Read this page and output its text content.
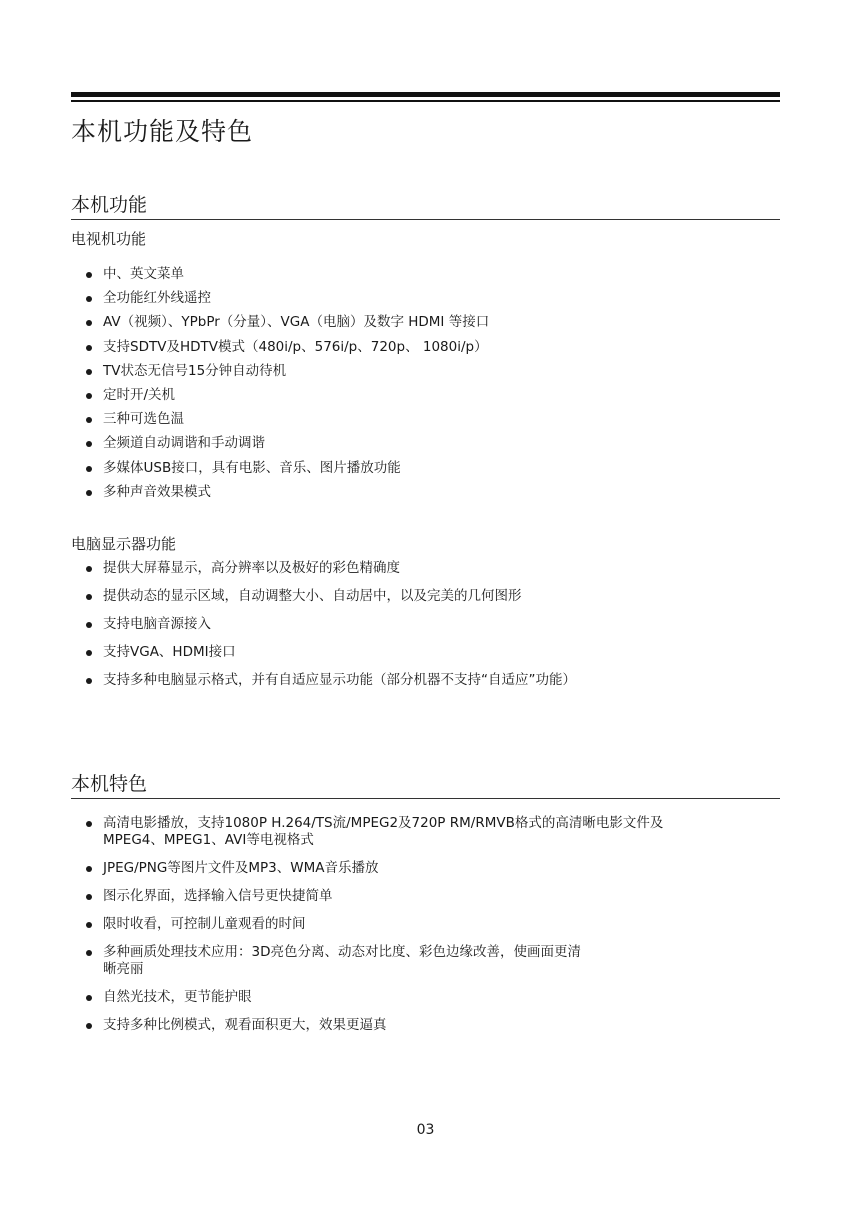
本机功能及特色
本机功能
电视机功能
中、英文菜单
全功能红外线遥控
AV（视频）、YPbPr（分量）、VGA（电脑）及数字 HDMI 等接口
支持SDTV及HDTV模式（480i/p、576i/p、720p、 1080i/p）
TV状态无信号15分钟自动待机
定时开/关机
三种可选色温
全频道自动调谐和手动调谐
多媒体USB接口，具有电影、音乐、图片播放功能
多种声音效果模式
电脑显示器功能
提供大屏幕显示，高分辨率以及极好的彩色精确度
提供动态的显示区域，自动调整大小、自动居中，以及完美的几何图形
支持电脑音源接入
支持VGA、HDMI接口
支持多种电脑显示格式，并有自适应显示功能（部分机器不支持“自适应”功能）
本机特色
高清电影播放，支持1080P H.264/TS流/MPEG2及720P RM/RMVB格式的高清晰电影文件及
MPEG4、MPEG1、AVI等电视格式
JPEG/PNG等图片文件及MP3、WMA音乐播放
图示化界面，选择输入信号更快捷简单
限时收看，可控制儿童观看的时间
多种画质处理技术应用：3D亮色分离、动态对比度、彩色边缘改善，使画面更清
晰亮丽
自然光技术，更节能护眼
支持多种比例模式，观看面积更大，效果更逼真
03
